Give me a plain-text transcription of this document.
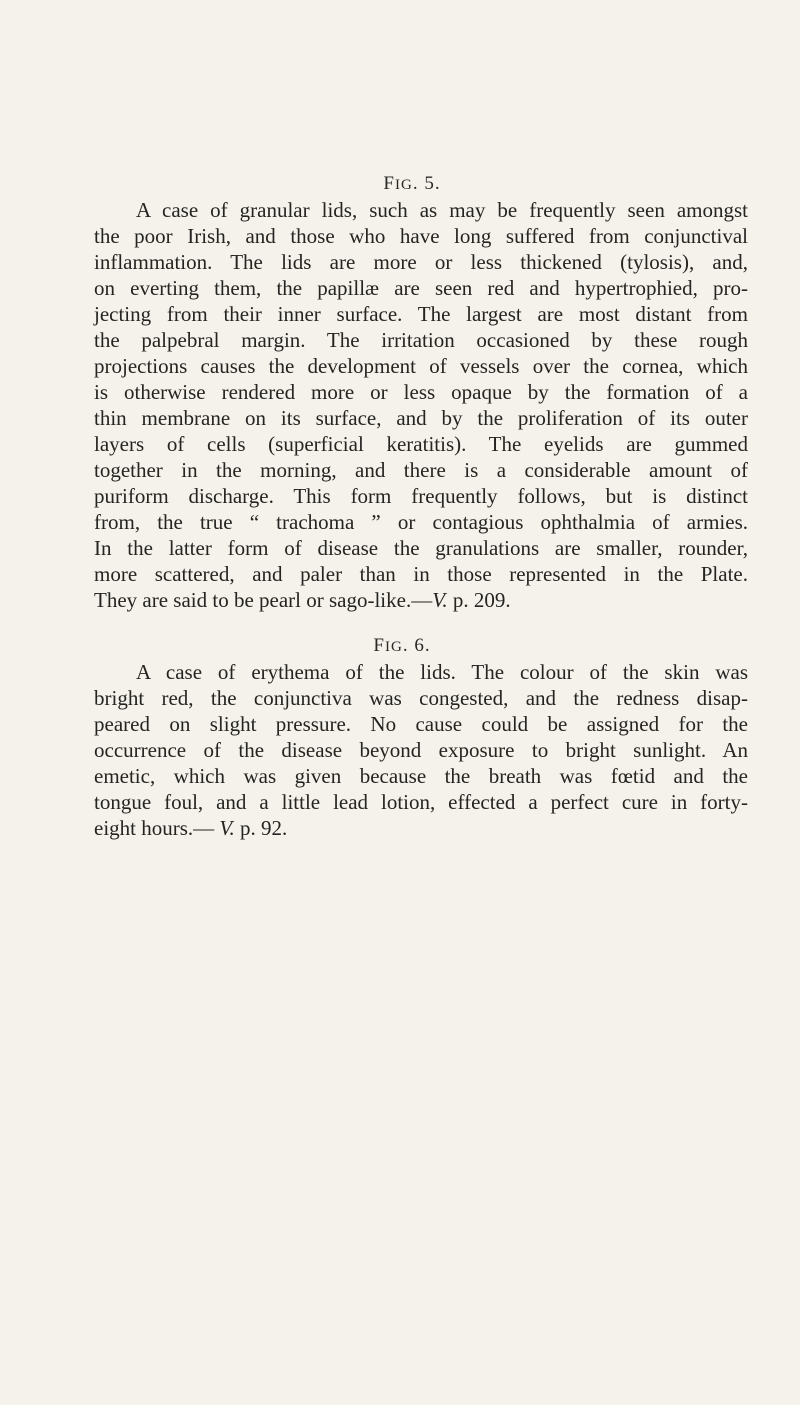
FIG. 5.
A case of granular lids, such as may be frequently seen amongst
the poor Irish, and those who have long suffered from conjunctival
inflammation. The lids are more or less thickened (tylosis), and,
on everting them, the papillæ are seen red and hypertrophied, pro-
jecting from their inner surface. The largest are most distant from
the palpebral margin. The irritation occasioned by these rough
projections causes the development of vessels over the cornea, which
is otherwise rendered more or less opaque by the formation of a
thin membrane on its surface, and by the proliferation of its outer
layers of cells (superficial keratitis). The eyelids are gummed
together in the morning, and there is a considerable amount of
puriform discharge. This form frequently follows, but is distinct
from, the true “ trachoma ” or contagious ophthalmia of armies.
In the latter form of disease the granulations are smaller, rounder,
more scattered, and paler than in those represented in the Plate.
They are said to be pearl or sago-like.—V. p. 209.
FIG. 6.
A case of erythema of the lids. The colour of the skin was
bright red, the conjunctiva was congested, and the redness disap-
peared on slight pressure. No cause could be assigned for the
occurrence of the disease beyond exposure to bright sunlight. An
emetic, which was given because the breath was fœtid and the
tongue foul, and a little lead lotion, effected a perfect cure in forty-
eight hours.— V. p. 92.
